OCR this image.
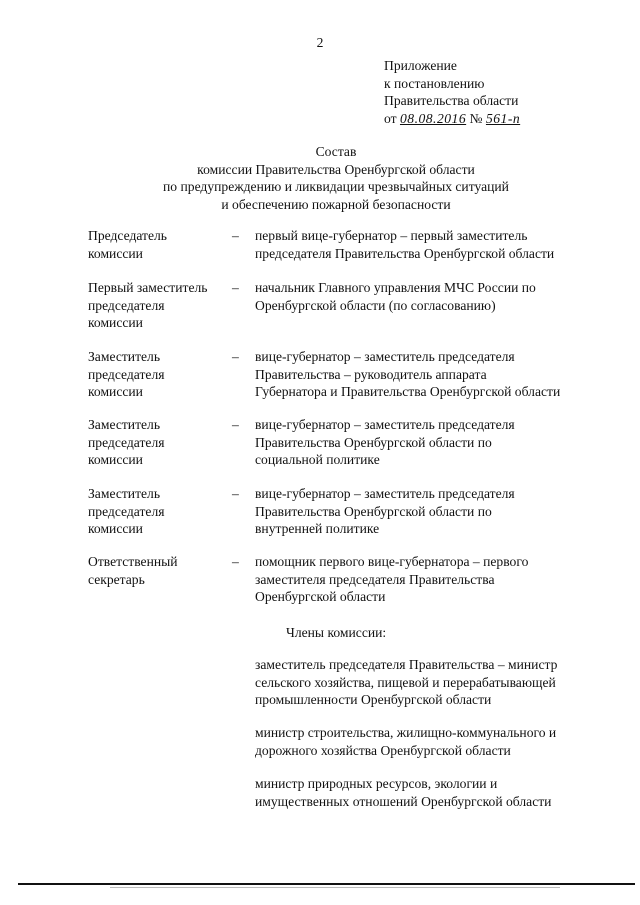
2
Приложение
к постановлению
Правительства области
от 08.08.2016 № 561-п
Состав
комиссии Правительства Оренбургской области
по предупреждению и ликвидации чрезвычайных ситуаций
и обеспечению пожарной безопасности
Председатель
комиссии
– первый вице-губернатор – первый заместитель
председателя Правительства Оренбургской области
Первый заместитель
председателя
комиссии
– начальник Главного управления МЧС России по
Оренбургской области (по согласованию)
Заместитель
председателя
комиссии
– вице-губернатор – заместитель председателя
Правительства – руководитель аппарата
Губернатора и Правительства Оренбургской области
Заместитель
председателя
комиссии
– вице-губернатор – заместитель председателя
Правительства Оренбургской области по
социальной политике
Заместитель
председателя
комиссии
– вице-губернатор – заместитель председателя
Правительства Оренбургской области по
внутренней политике
Ответственный
секретарь
– помощник первого вице-губернатора – первого
заместителя председателя Правительства
Оренбургской области
Члены комиссии:
заместитель председателя Правительства – министр
сельского хозяйства, пищевой и перерабатывающей
промышленности Оренбургской области
министр строительства, жилищно-коммунального и
дорожного хозяйства Оренбургской области
министр природных ресурсов, экологии и
имущественных отношений Оренбургской области
